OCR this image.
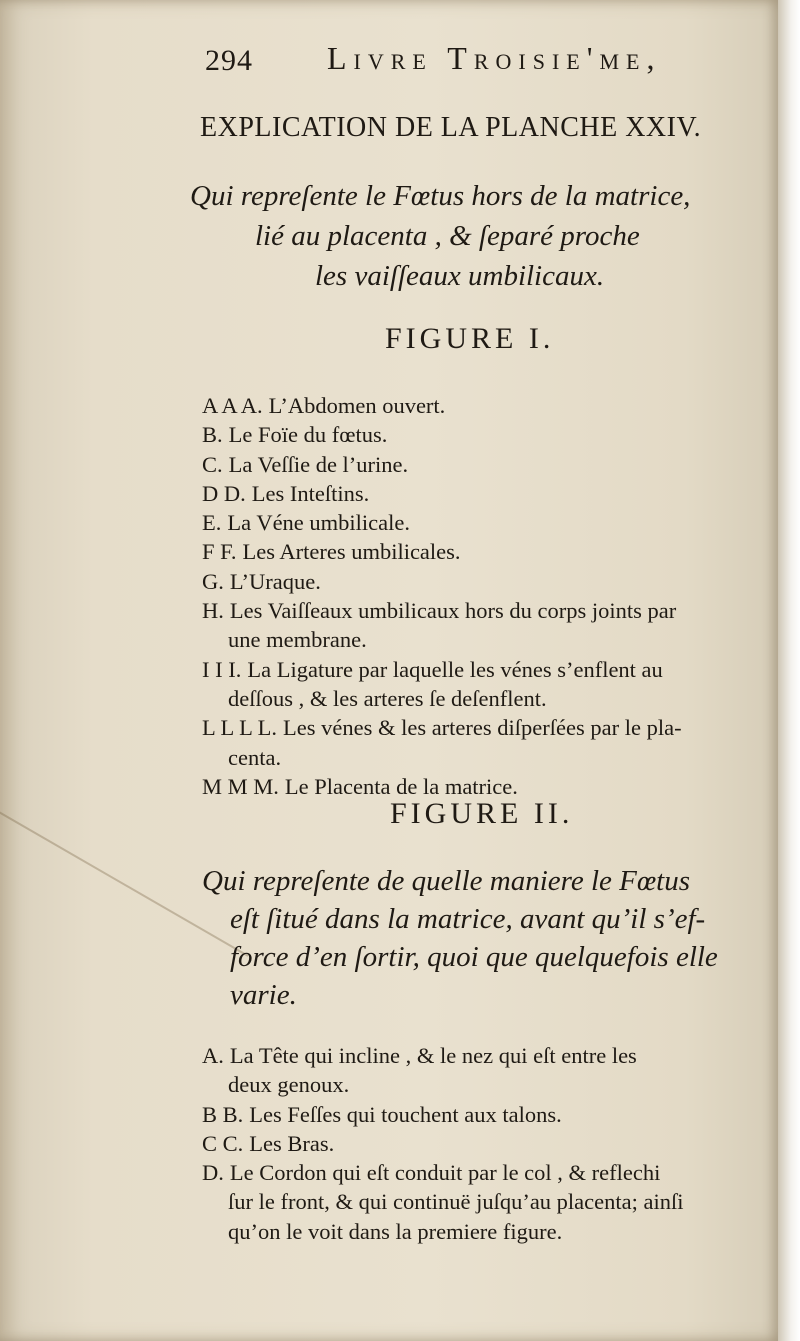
294 Livre Troisie'me,
EXPLICATION DE LA PLANCHE XXIV.
Qui repreſente le Fœtus hors de la matrice,
lié au placenta , & ſeparé proche
les vaiſſeaux umbilicaux.
FIGURE I.
A A A. L’Abdomen ouvert.
B. Le Foïe du fœtus.
C. La Veſſie de l’urine.
D D. Les Inteſtins.
E. La Véne umbilicale.
F F. Les Arteres umbilicales.
G. L’Uraque.
H. Les Vaiſſeaux umbilicaux hors du corps joints par
une membrane.
I I I. La Ligature par laquelle les vénes s’enflent au
deſſous , & les arteres ſe deſenflent.
L L L L. Les vénes & les arteres diſperſées par le pla-
centa.
M M M. Le Placenta de la matrice.
FIGURE II.
Qui repreſente de quelle maniere le Fœtus
eſt ſitué dans la matrice, avant qu’il s’ef-
force d’en ſortir, quoi que quelquefois elle
varie.
A. La Tête qui incline , & le nez qui eſt entre les
deux genoux.
B B. Les Feſſes qui touchent aux talons.
C C. Les Bras.
D. Le Cordon qui eſt conduit par le col , & reflechi
ſur le front, & qui continuë juſqu’au placenta; ainſi
qu’on le voit dans la premiere figure.
